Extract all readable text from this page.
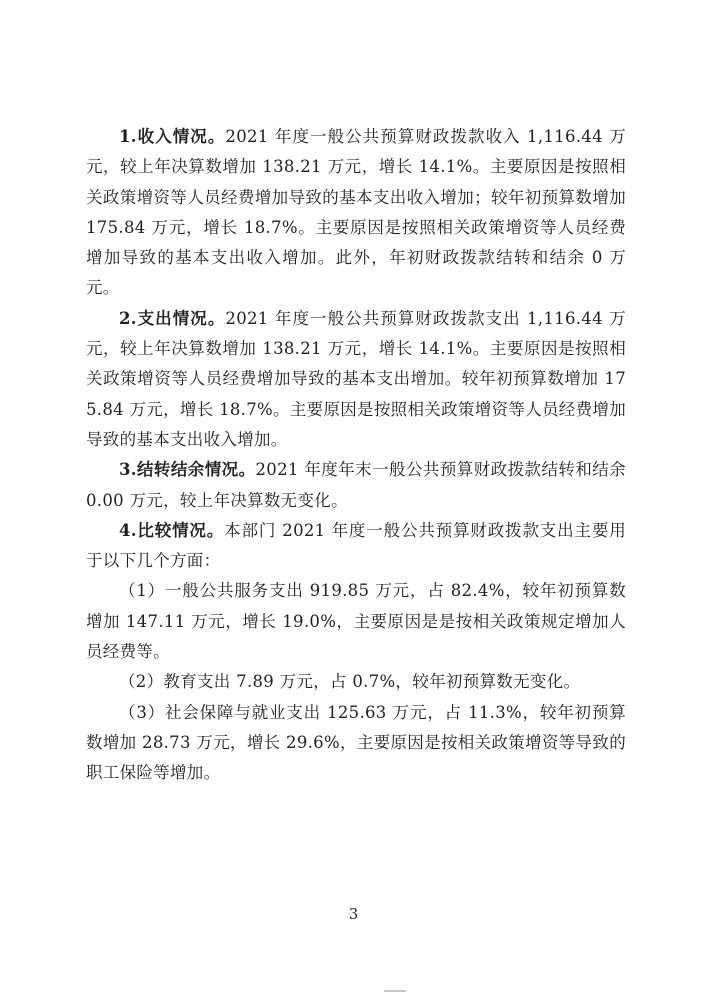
1.收入情况。2021 年度一般公共预算财政拨款收入 1,116.44 万元，较上年决算数增加 138.21 万元，增长 14.1%。主要原因是按照相关政策增资等人员经费增加导致的基本支出收入增加；较年初预算数增加 175.84 万元，增长 18.7%。主要原因是按照相关政策增资等人员经费增加导致的基本支出收入增加。此外，年初财政拨款结转和结余 0 万元。

2.支出情况。2021 年度一般公共预算财政拨款支出 1,116.44 万元，较上年决算数增加 138.21 万元，增长 14.1%。主要原因是按照相关政策增资等人员经费增加导致的基本支出增加。较年初预算数增加 175.84 万元，增长 18.7%。主要原因是按照相关政策增资等人员经费增加导致的基本支出收入增加。

3.结转结余情况。2021 年度年末一般公共预算财政拨款结转和结余 0.00 万元，较上年决算数无变化。

4.比较情况。本部门 2021 年度一般公共预算财政拨款支出主要用于以下几个方面：

（1）一般公共服务支出 919.85 万元，占 82.4%，较年初预算数增加 147.11 万元，增长 19.0%，主要原因是是按相关政策规定增加人员经费等。

（2）教育支出 7.89 万元，占 0.7%，较年初预算数无变化。

（3）社会保障与就业支出 125.63 万元，占 11.3%，较年初预算数增加 28.73 万元，增长 29.6%，主要原因是按相关政策增资等导致的职工保险等增加。

3
